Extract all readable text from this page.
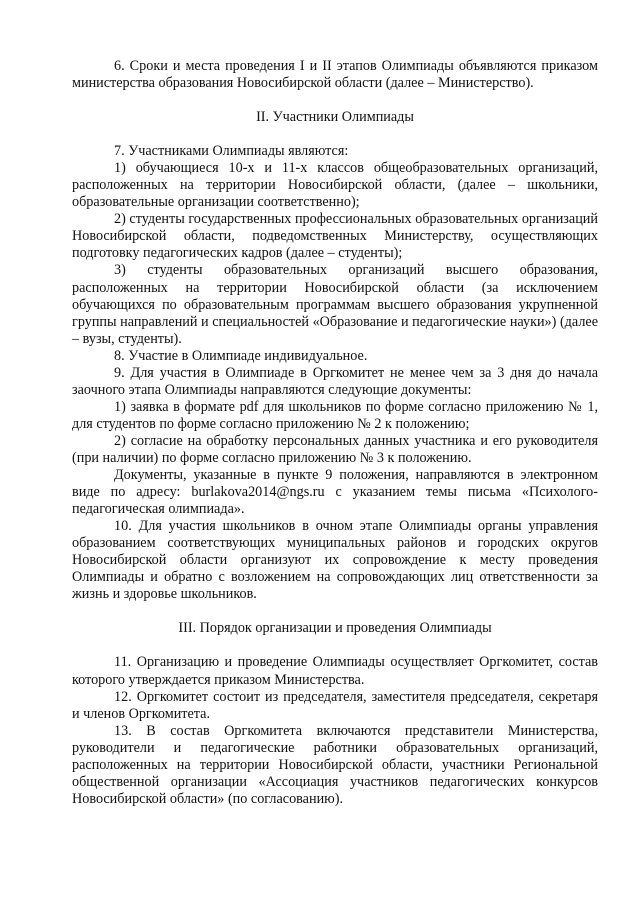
6. Сроки и места проведения I и II этапов Олимпиады объявляются приказом министерства образования Новосибирской области (далее – Министерство).

II. Участники Олимпиады

7. Участниками Олимпиады являются:

1) обучающиеся 10-х и 11-х классов общеобразовательных организаций, расположенных на территории Новосибирской области, (далее – школьники, образовательные организации соответственно);

2) студенты государственных профессиональных образовательных организаций Новосибирской области, подведомственных Министерству, осуществляющих подготовку педагогических кадров (далее – студенты);

3) студенты образовательных организаций высшего образования, расположенных на территории Новосибирской области (за исключением обучающихся по образовательным программам высшего образования укрупненной группы направлений и специальностей «Образование и педагогические науки») (далее – вузы, студенты).

8. Участие в Олимпиаде индивидуальное.

9. Для участия в Олимпиаде в Оргкомитет не менее чем за 3 дня до начала заочного этапа Олимпиады направляются следующие документы:

1) заявка в формате pdf для школьников по форме согласно приложению № 1, для студентов по форме согласно приложению № 2 к положению;

2) согласие на обработку персональных данных участника и его руководителя (при наличии) по форме согласно приложению № 3 к положению.

Документы, указанные в пункте 9 положения, направляются в электронном виде по адресу: burlakova2014@ngs.ru с указанием темы письма «Психолого-педагогическая олимпиада».

10. Для участия школьников в очном этапе Олимпиады органы управления образованием соответствующих муниципальных районов и городских округов Новосибирской области организуют их сопровождение к месту проведения Олимпиады и обратно с возложением на сопровождающих лиц ответственности за жизнь и здоровье школьников.

III. Порядок организации и проведения Олимпиады

11. Организацию и проведение Олимпиады осуществляет Оргкомитет, состав которого утверждается приказом Министерства.

12. Оргкомитет состоит из председателя, заместителя председателя, секретаря и членов Оргкомитета.

13. В состав Оргкомитета включаются представители Министерства, руководители и педагогические работники образовательных организаций, расположенных на территории Новосибирской области, участники Региональной общественной организации «Ассоциация участников педагогических конкурсов Новосибирской области» (по согласованию).
